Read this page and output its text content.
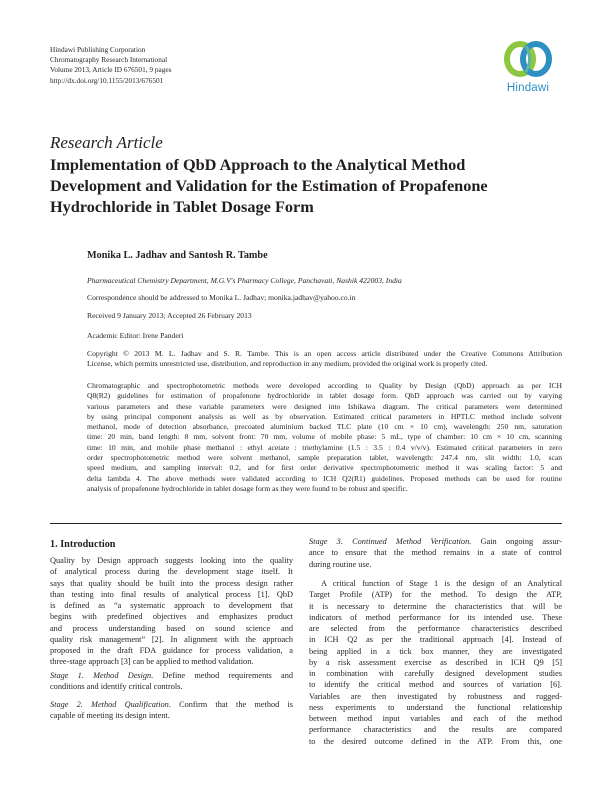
Hindawi Publishing Corporation
Chromatography Research International
Volume 2013, Article ID 676501, 9 pages
http://dx.doi.org/10.1155/2013/676501
Hindawi
Research Article
Implementation of QbD Approach to the Analytical Method
Development and Validation for the Estimation of Propafenone
Hydrochloride in Tablet Dosage Form
Monika L. Jadhav and Santosh R. Tambe
Pharmaceutical Chemistry Department, M.G.V's Pharmacy College, Panchavati, Nashik 422003, India
Correspondence should be addressed to Monika L. Jadhav; monika.jadhav@yahoo.co.in
Received 9 January 2013; Accepted 26 February 2013
Academic Editor: Irene Panderi
Copyright © 2013 M. L. Jadhav and S. R. Tambe. This is an open access article distributed under the Creative Commons Attribution
License, which permits unrestricted use, distribution, and reproduction in any medium, provided the original work is properly cited.
Chromatographic and spectrophotometric methods were developed according to Quality by Design (QbD) approach as per ICH
Q8(R2) guidelines for estimation of propafenone hydrochloride in tablet dosage form. QbD approach was carried out by varying
various parameters and these variable parameters were designed into Ishikawa diagram. The critical parameters were determined
by using principal component analysis as well as by observation. Estimated critical parameters in HPTLC method include solvent
methanol, mode of detection absorbance, precoated aluminium backed TLC plate (10 cm × 10 cm), wavelength: 250 nm, saturation
time: 20 min, band length: 8 mm, solvent front: 70 mm, volume of mobile phase: 5 mL, type of chamber: 10 cm × 10 cm, scanning
time: 10 min, and mobile phase methanol : ethyl acetate : triethylamine (1.5 : 3.5 : 0.4 v/v/v). Estimated critical parameters in zero
order spectrophotometric method were solvent methanol, sample preparation tablet, wavelength: 247.4 nm, slit width: 1.0, scan
speed medium, and sampling interval: 0.2, and for first order derivative spectrophotometric method it was scaling factor: 5 and
delta lambda 4. The above methods were validated according to ICH Q2(R1) guidelines. Proposed methods can be used for routine
analysis of propafenone hydrochloride in tablet dosage form as they were found to be robust and specific.
1. Introduction
Quality by Design approach suggests looking into the quality
of analytical process during the development stage itself. It
says that quality should be built into the process design rather
than testing into final results of analytical process [1]. QbD
is defined as “a systematic approach to development that
begins with predefined objectives and emphasizes product
and process understanding based on sound science and
quality risk management” [2]. In alignment with the approach
proposed in the draft FDA guidance for process validation, a
three-stage approach [3] can be applied to method validation.
Stage 1. Method Design. Define method requirements and
conditions and identify critical controls.
Stage 2. Method Qualification. Confirm that the method is
capable of meeting its design intent.
Stage 3. Continued Method Verification. Gain ongoing assur-
ance to ensure that the method remains in a state of control
during routine use.
A critical function of Stage 1 is the design of an Analytical
Target Profile (ATP) for the method. To design the ATP,
it is necessary to determine the characteristics that will be
indicators of method performance for its intended use. These
are selected from the performance characteristics described
in ICH Q2 as per the traditional approach [4]. Instead of
being applied in a tick box manner, they are investigated
by a risk assessment exercise as described in ICH Q9 [5]
in combination with carefully designed development studies
to identify the critical method and sources of variation [6].
Variables are then investigated by robustness and rugged-
ness experiments to understand the functional relationship
between method input variables and each of the method
performance characteristics and the results are compared
to the desired outcome defined in the ATP. From this, one
